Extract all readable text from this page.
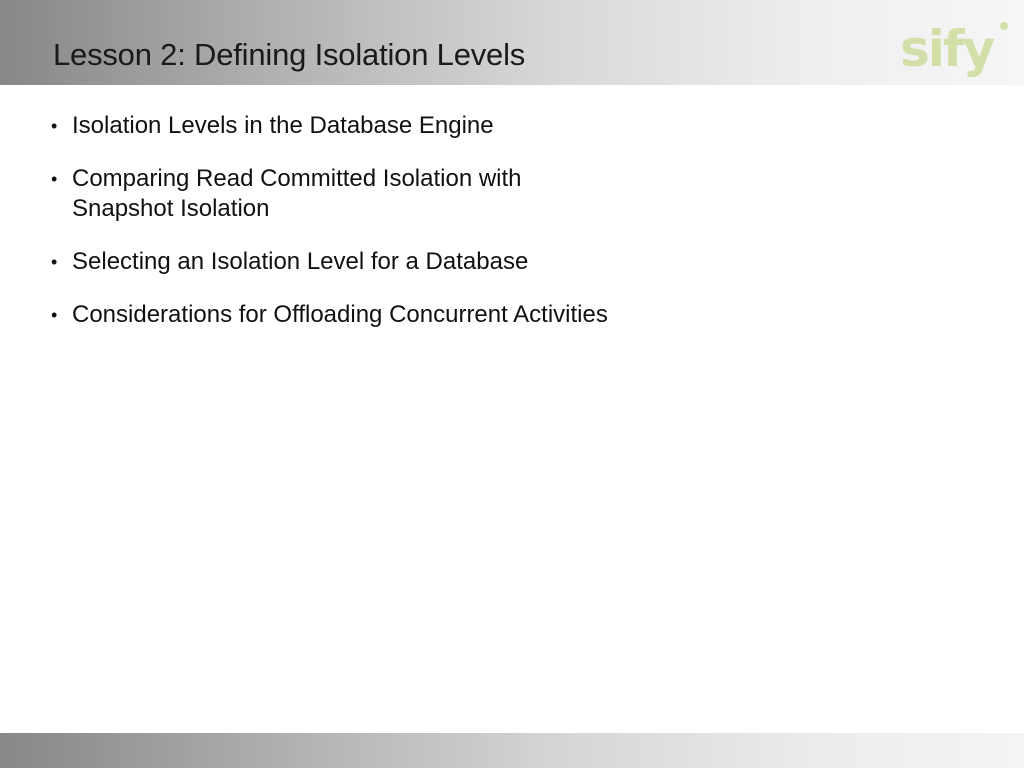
Lesson 2: Defining Isolation Levels	sify
• Isolation Levels in the Database Engine
• Comparing Read Committed Isolation with
Snapshot Isolation
• Selecting an Isolation Level for a Database
• Considerations for Offloading Concurrent Activities
